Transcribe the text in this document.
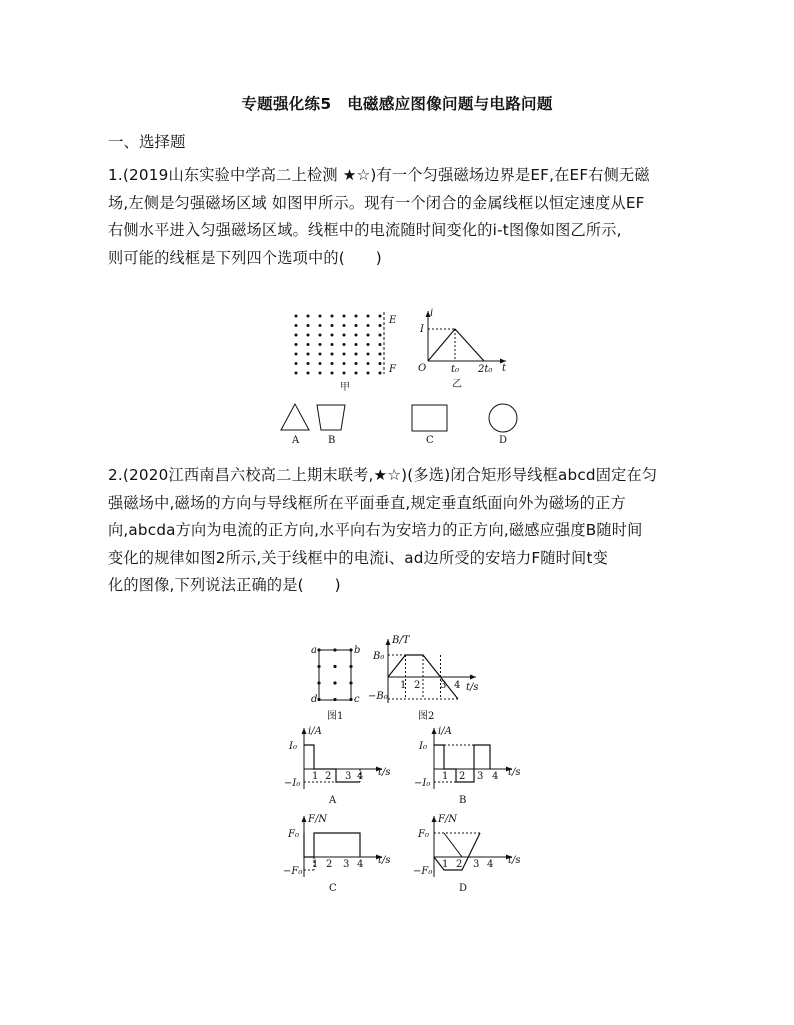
专题强化练5　电磁感应图像问题与电路问题
一、选择题
1.(2019山东实验中学高二上检测 ★☆)有一个匀强磁场边界是EF,在EF右侧无磁
场,左侧是匀强磁场区域 如图甲所示。现有一个闭合的金属线框以恒定速度从EF
右侧水平进入匀强磁场区域。线框中的电流随时间变化的i-t图像如图乙所示,
则可能的线框是下列四个选项中的(　　)
E
F
甲
i
I
O t₀ 2t₀ t
乙
A	B	C	D
2.(2020江西南昌六校高二上期末联考,★☆)(多选)闭合矩形导线框abcd固定在匀
强磁场中,磁场的方向与导线框所在平面垂直,规定垂直纸面向外为磁场的正方
向,abcda方向为电流的正方向,水平向右为安培力的正方向,磁感应强度B随时间
变化的规律如图2所示,关于线框中的电流i、ad边所受的安培力F随时间t变
化的图像,下列说法正确的是(　　)
a	b
c
d
图1
B/T
B₀
−B₀
t/s
1 2 3 4
图2
i/A
I₀
−I₀
t/s
1 2 3 4
A
i/A
I₀
−I₀
t/s
1 2 3 4
B
F/N
F₀
−F₀
t/s
1 2 3 4
C
F/N
F₀
−F₀
t/s
1 2 3 4
D
